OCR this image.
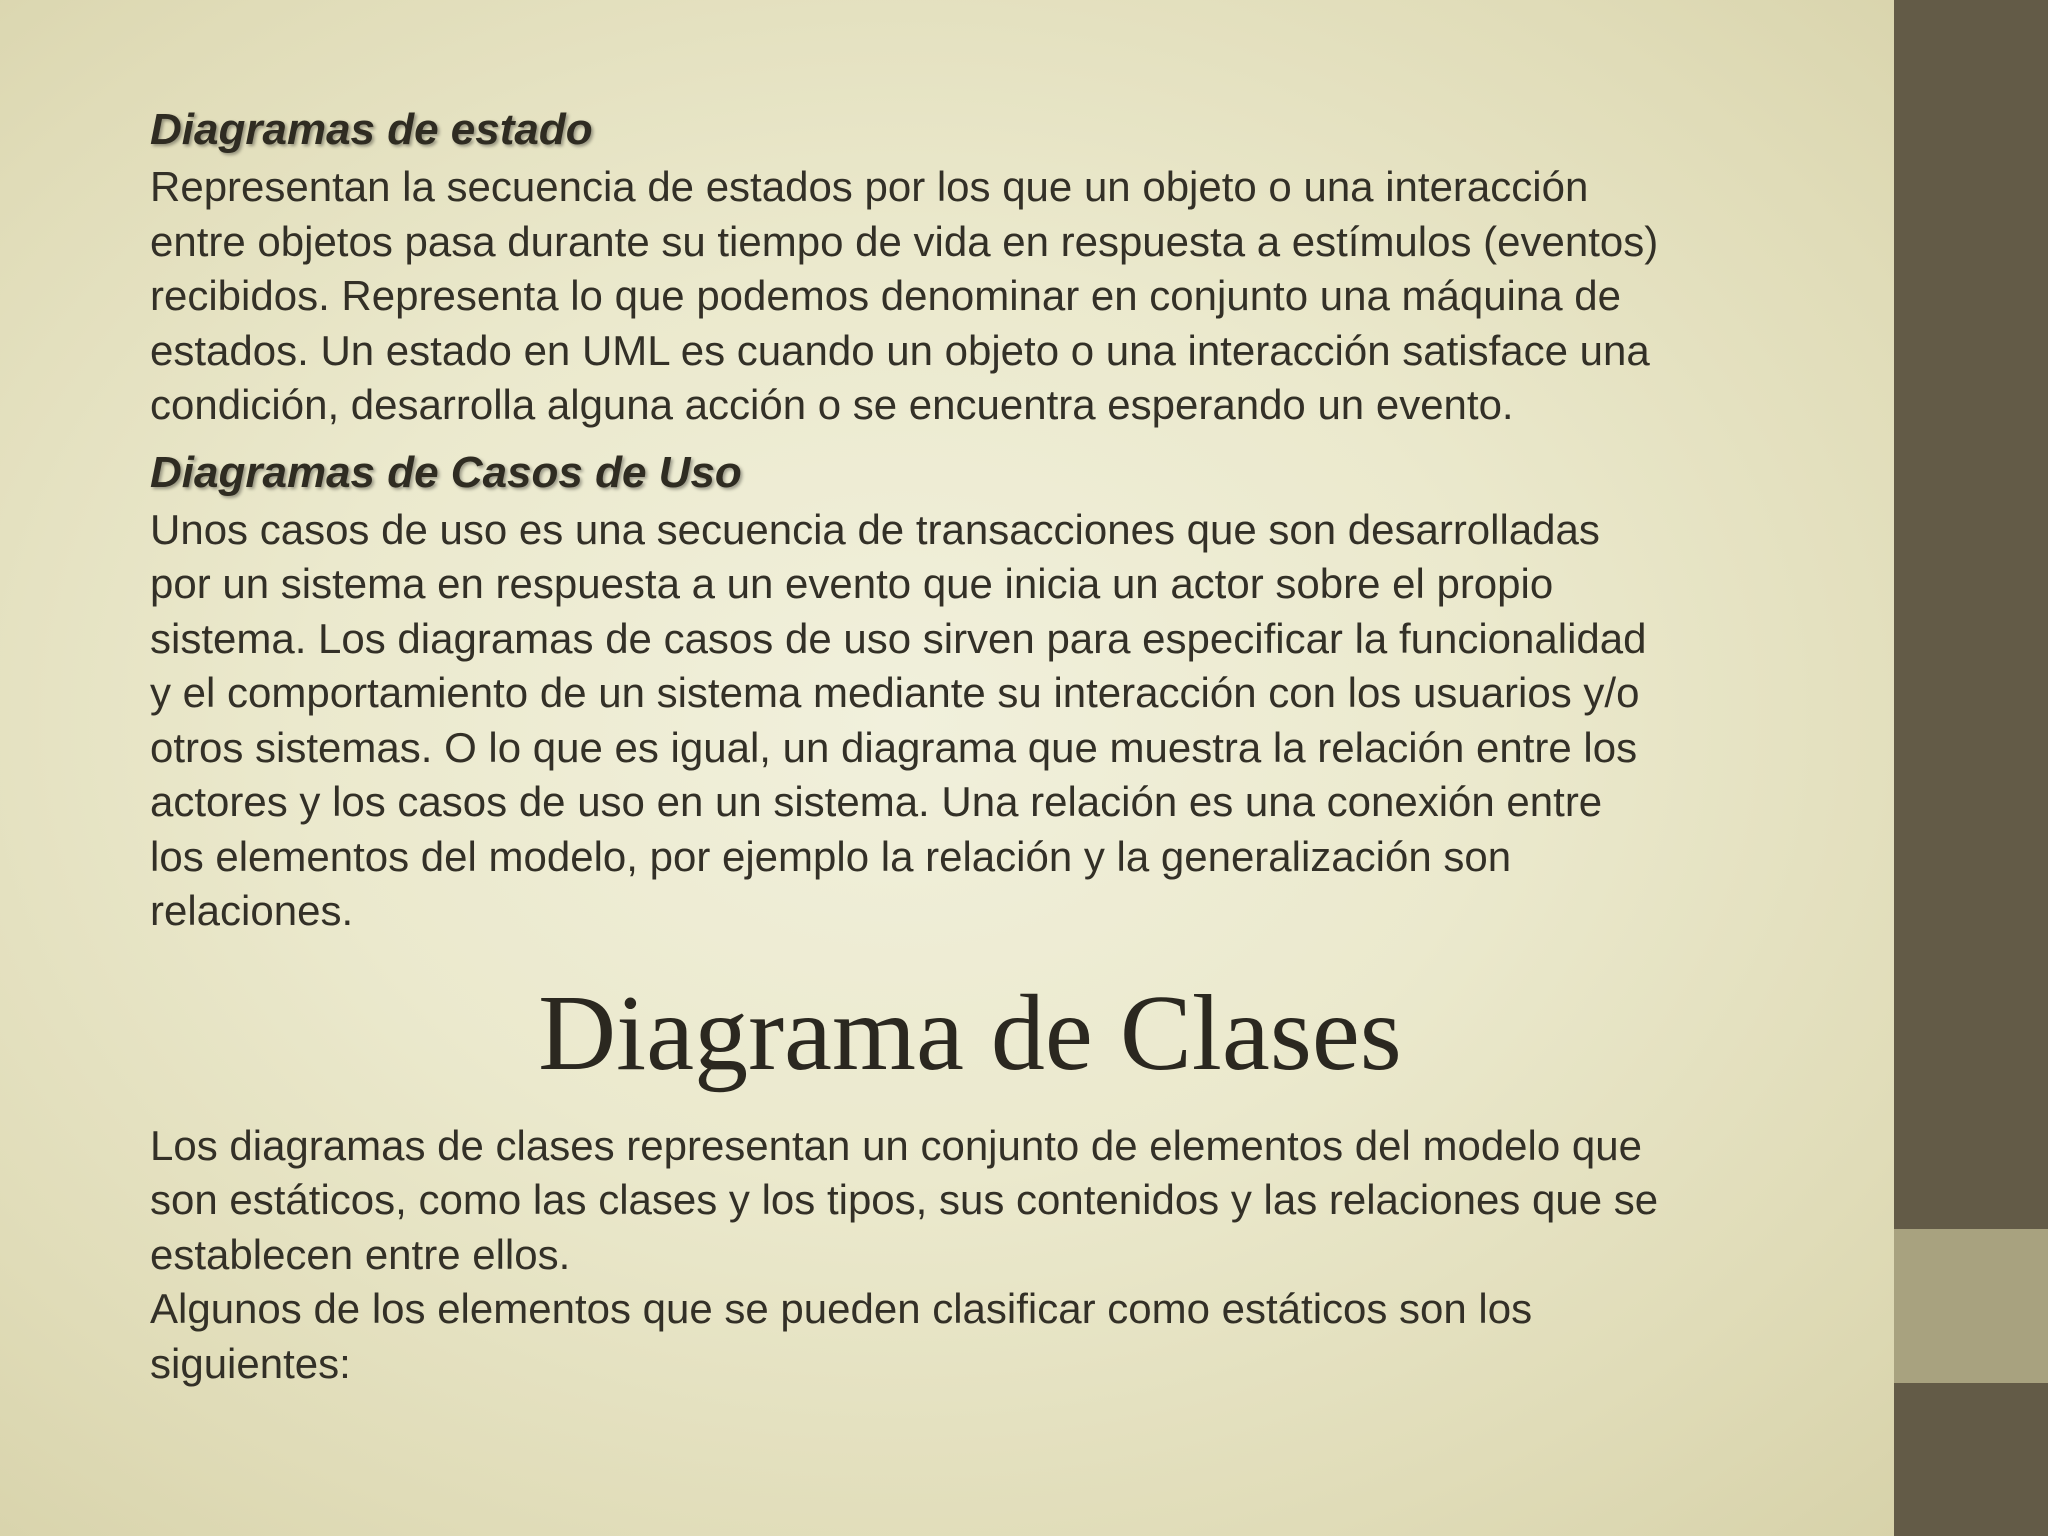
Diagramas de estado

Representan la secuencia de estados por los que un objeto o una interacción

entre objetos pasa durante su tiempo de vida en respuesta a estímulos (eventos)

recibidos. Representa lo que podemos denominar en conjunto una máquina de

estados. Un estado en UML es cuando un objeto o una interacción satisface una

condición, desarrolla alguna acción o se encuentra esperando un evento.

Diagramas de Casos de Uso

Unos casos de uso es una secuencia de transacciones que son desarrolladas

por un sistema en respuesta a un evento que inicia un actor sobre el propio

sistema. Los diagramas de casos de uso sirven para especificar la funcionalidad

y el comportamiento de un sistema mediante su interacción con los usuarios y/o

otros sistemas. O lo que es igual, un diagrama que muestra la relación entre los

actores y los casos de uso en un sistema. Una relación es una conexión entre

los elementos del modelo, por ejemplo la relación y la generalización son

relaciones.

Diagrama de Clases

Los diagramas de clases representan un conjunto de elementos del modelo que

son estáticos, como las clases y los tipos, sus contenidos y las relaciones que se

establecen entre ellos.

Algunos de los elementos que se pueden clasificar como estáticos son los

siguientes:
